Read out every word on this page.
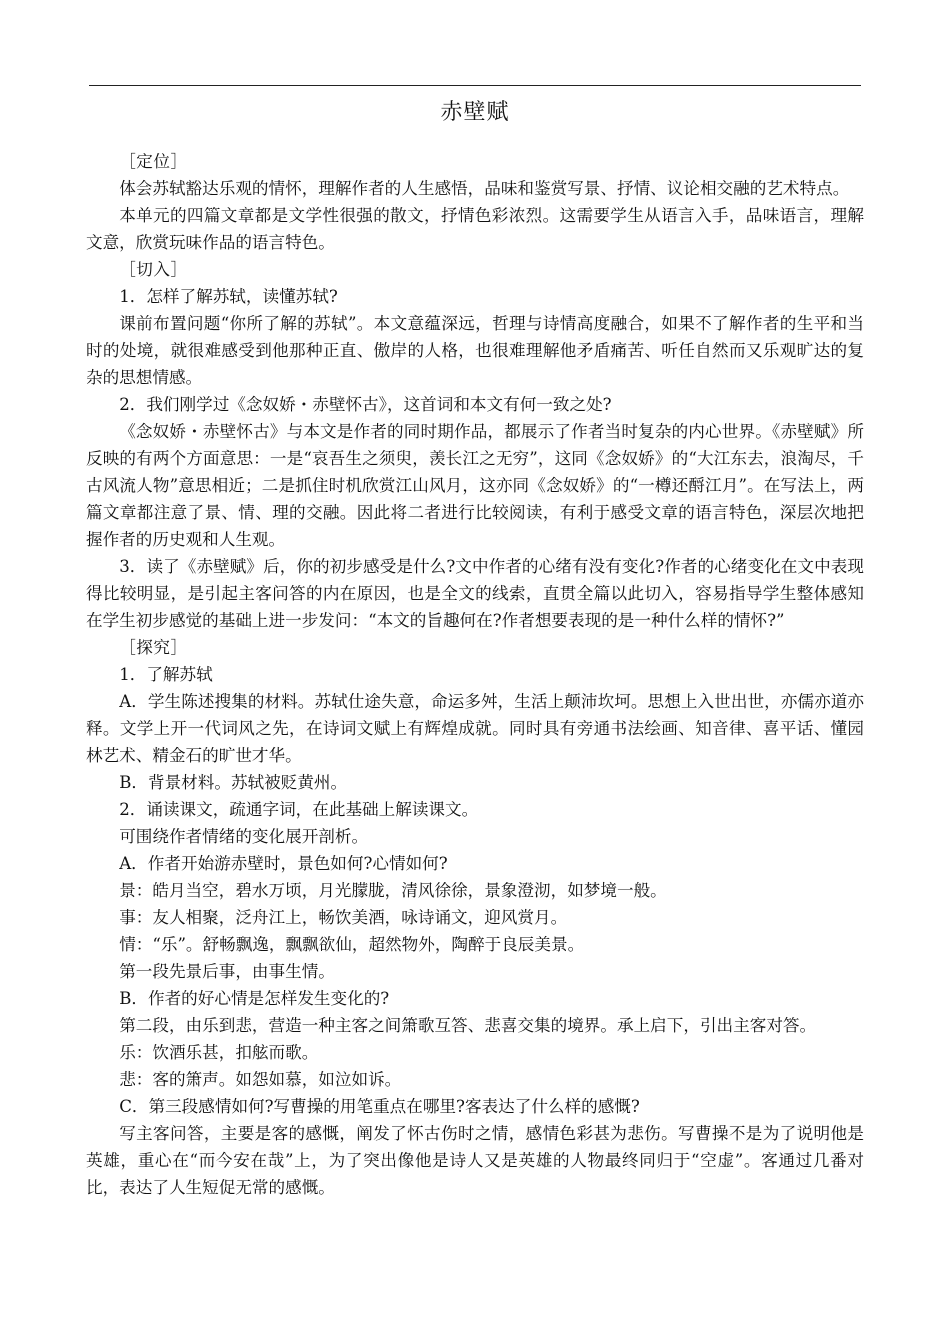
赤壁赋

［定位］

体会苏轼豁达乐观的情怀，理解作者的人生感悟，品味和鉴赏写景、抒情、议论相交融的艺术特点。

本单元的四篇文章都是文学性很强的散文，抒情色彩浓烈。这需要学生从语言入手，品味语言，理解文意，欣赏玩味作品的语言特色。

［切入］

1．怎样了解苏轼，读懂苏轼?

课前布置问题“你所了解的苏轼”。本文意蕴深远，哲理与诗情高度融合，如果不了解作者的生平和当时的处境，就很难感受到他那种正直、傲岸的人格，也很难理解他矛盾痛苦、听任自然而又乐观旷达的复杂的思想情感。

2．我们刚学过《念奴娇・赤壁怀古》，这首词和本文有何一致之处?

《念奴娇・赤壁怀古》与本文是作者的同时期作品，都展示了作者当时复杂的内心世界。《赤壁赋》所反映的有两个方面意思：一是“哀吾生之须臾，羡长江之无穷”，这同《念奴娇》的“大江东去，浪淘尽，千古风流人物”意思相近；二是抓住时机欣赏江山风月，这亦同《念奴娇》的“一樽还酹江月”。在写法上，两篇文章都注意了景、情、理的交融。因此将二者进行比较阅读，有利于感受文章的语言特色，深层次地把握作者的历史观和人生观。

3．读了《赤壁赋》后，你的初步感受是什么?文中作者的心绪有没有变化?作者的心绪变化在文中表现得比较明显，是引起主客问答的内在原因，也是全文的线索，直贯全篇以此切入，容易指导学生整体感知在学生初步感觉的基础上进一步发问：“本文的旨趣何在?作者想要表现的是一种什么样的情怀?”

［探究］

1．了解苏轼

A．学生陈述搜集的材料。苏轼仕途失意，命运多舛，生活上颠沛坎坷。思想上入世出世，亦儒亦道亦释。文学上开一代词风之先，在诗词文赋上有辉煌成就。同时具有旁通书法绘画、知音律、喜平话、懂园林艺术、精金石的旷世才华。

B．背景材料。苏轼被贬黄州。

2．诵读课文，疏通字词，在此基础上解读课文。

可围绕作者情绪的变化展开剖析。

A．作者开始游赤壁时，景色如何?心情如何?

景：皓月当空，碧水万顷，月光朦胧，清风徐徐，景象澄沏，如梦境一般。

事：友人相聚，泛舟江上，畅饮美酒，咏诗诵文，迎风赏月。

情：“乐”。舒畅飘逸，飘飘欲仙，超然物外，陶醉于良辰美景。

第一段先景后事，由事生情。

B．作者的好心情是怎样发生变化的?

第二段，由乐到悲，营造一种主客之间箫歌互答、悲喜交集的境界。承上启下，引出主客对答。

乐：饮酒乐甚，扣舷而歌。

悲：客的箫声。如怨如慕，如泣如诉。

C．第三段感情如何?写曹操的用笔重点在哪里?客表达了什么样的感慨?

写主客问答，主要是客的感慨，阐发了怀古伤时之情，感情色彩甚为悲伤。写曹操不是为了说明他是英雄，重心在“而今安在哉”上，为了突出像他是诗人又是英雄的人物最终同归于“空虚”。客通过几番对比，表达了人生短促无常的感慨。
